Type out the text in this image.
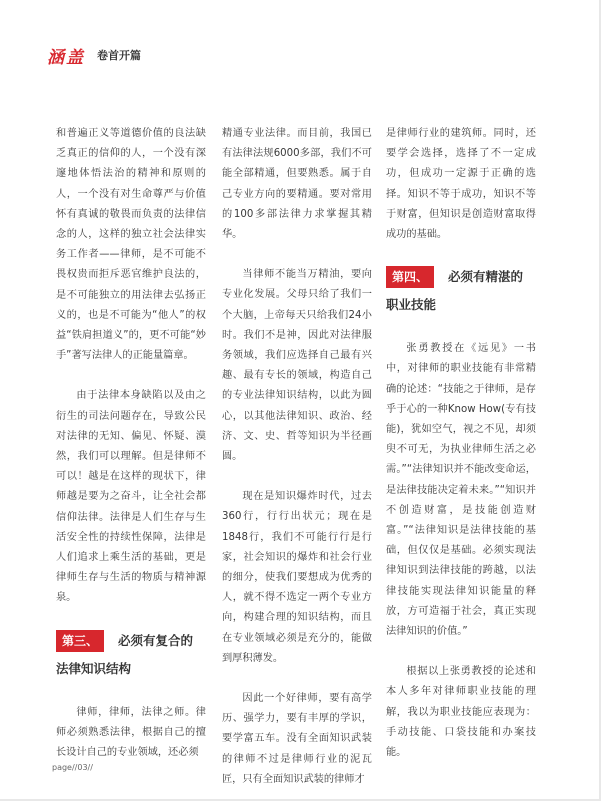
涵盖 卷首开篇

和普遍正义等道德价值的良法缺乏真正的信仰的人，一个没有深邃地体悟法治的精神和原则的人，一个没有对生命尊严与价值怀有真诚的敬畏而负责的法律信念的人，这样的独立社会法律实务工作者——律师，是不可能不畏权贵而拒斥恶官维护良法的，是不可能独立的用法律去弘扬正义的，也是不可能为“他人”的权益“铁肩担道义”的，更不可能“妙手”著写法律人的正能量篇章。

由于法律本身缺陷以及由之衍生的司法问题存在，导致公民对法律的无知、偏见、怀疑、漠然，我们可以理解。但是律师不可以！越是在这样的现状下，律师越是要为之奋斗，让全社会都信仰法律。法律是人们生存与生活安全性的持续性保障，法律是人们追求上乘生活的基础，更是律师生存与生活的物质与精神源泉。

第三、	必须有复合的
法律知识结构

律师，律师，法律之师。律师必须熟悉法律，根据自己的擅长设计自己的专业领域，还必须

精通专业法律。而目前，我国已有法律法规6000多部，我们不可能全部精通，但要熟悉。属于自己专业方向的要精通。要对常用的100多部法律力求掌握其精华。

当律师不能当万精油，要向专业化发展。父母只给了我们一个大脑，上帝每天只给我们24小时。我们不是神，因此对法律服务领域，我们应选择自己最有兴趣、最有专长的领域，构造自己的专业法律知识结构，以此为圆心，以其他法律知识、政治、经济、文、史、哲等知识为半径画圆。

现在是知识爆炸时代，过去360行，行行出状元；现在是1848行，我们不可能行行是行家，社会知识的爆炸和社会行业的细分，使我们要想成为优秀的人，就不得不选定一两个专业方向，构建合理的知识结构，而且在专业领域必须是充分的，能做到厚积薄发。

因此一个好律师，要有高学历、强学力，要有丰厚的学识，要学富五车。没有全面知识武装的律师不过是律师行业的泥瓦匠，只有全面知识武装的律师才

是律师行业的建筑师。同时，还要学会选择，选择了不一定成功，但成功一定源于正确的选择。知识不等于成功，知识不等于财富，但知识是创造财富取得成功的基础。

第四、	必须有精湛的
职业技能

张勇教授在《远见》一书中，对律师的职业技能有非常精确的论述：“技能之于律师，是存乎于心的一种Know How(专有技能)，犹如空气，视之不见，却须臾不可无，为执业律师生活之必需。”“法律知识并不能改变命运，是法律技能决定着未来。”“知识并不创造财富，是技能创造财富。”“法律知识是法律技能的基础，但仅仅是基础。必须实现法律知识到法律技能的跨越，以法律技能实现法律知识能量的释放，方可造福于社会，真正实现法律知识的价值。”

根据以上张勇教授的论述和本人多年对律师职业技能的理解，我以为职业技能应表现为：手动技能、口袋技能和办案技能。

page//03//
